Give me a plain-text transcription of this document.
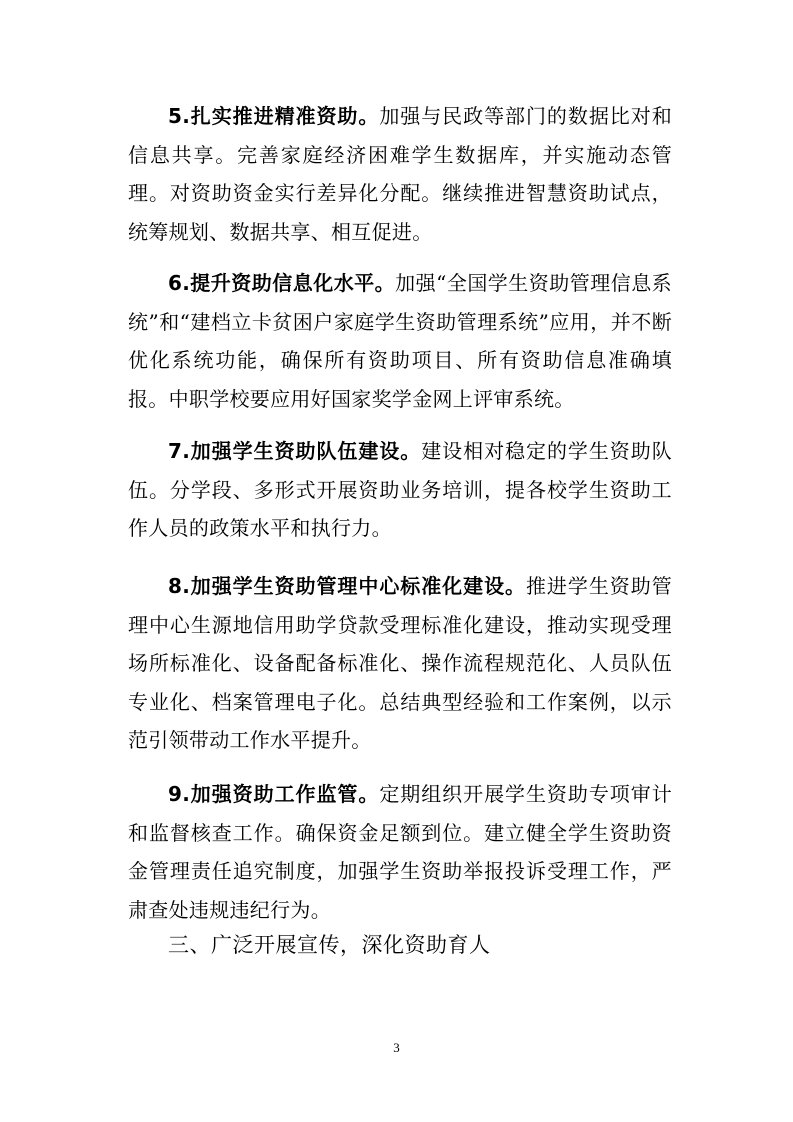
5.扎实推进精准资助。加强与民政等部门的数据比对和信息共享。完善家庭经济困难学生数据库，并实施动态管理。对资助资金实行差异化分配。继续推进智慧资助试点，统筹规划、数据共享、相互促进。

6.提升资助信息化水平。加强“全国学生资助管理信息系统”和“建档立卡贫困户家庭学生资助管理系统”应用，并不断优化系统功能，确保所有资助项目、所有资助信息准确填报。中职学校要应用好国家奖学金网上评审系统。

7.加强学生资助队伍建设。建设相对稳定的学生资助队伍。分学段、多形式开展资助业务培训，提各校学生资助工作人员的政策水平和执行力。

8.加强学生资助管理中心标准化建设。推进学生资助管理中心生源地信用助学贷款受理标准化建设，推动实现受理场所标准化、设备配备标准化、操作流程规范化、人员队伍专业化、档案管理电子化。总结典型经验和工作案例，以示范引领带动工作水平提升。

9.加强资助工作监管。定期组织开展学生资助专项审计和监督核查工作。确保资金足额到位。建立健全学生资助资金管理责任追究制度，加强学生资助举报投诉受理工作，严肃查处违规违纪行为。

三、广泛开展宣传，深化资助育人
3
